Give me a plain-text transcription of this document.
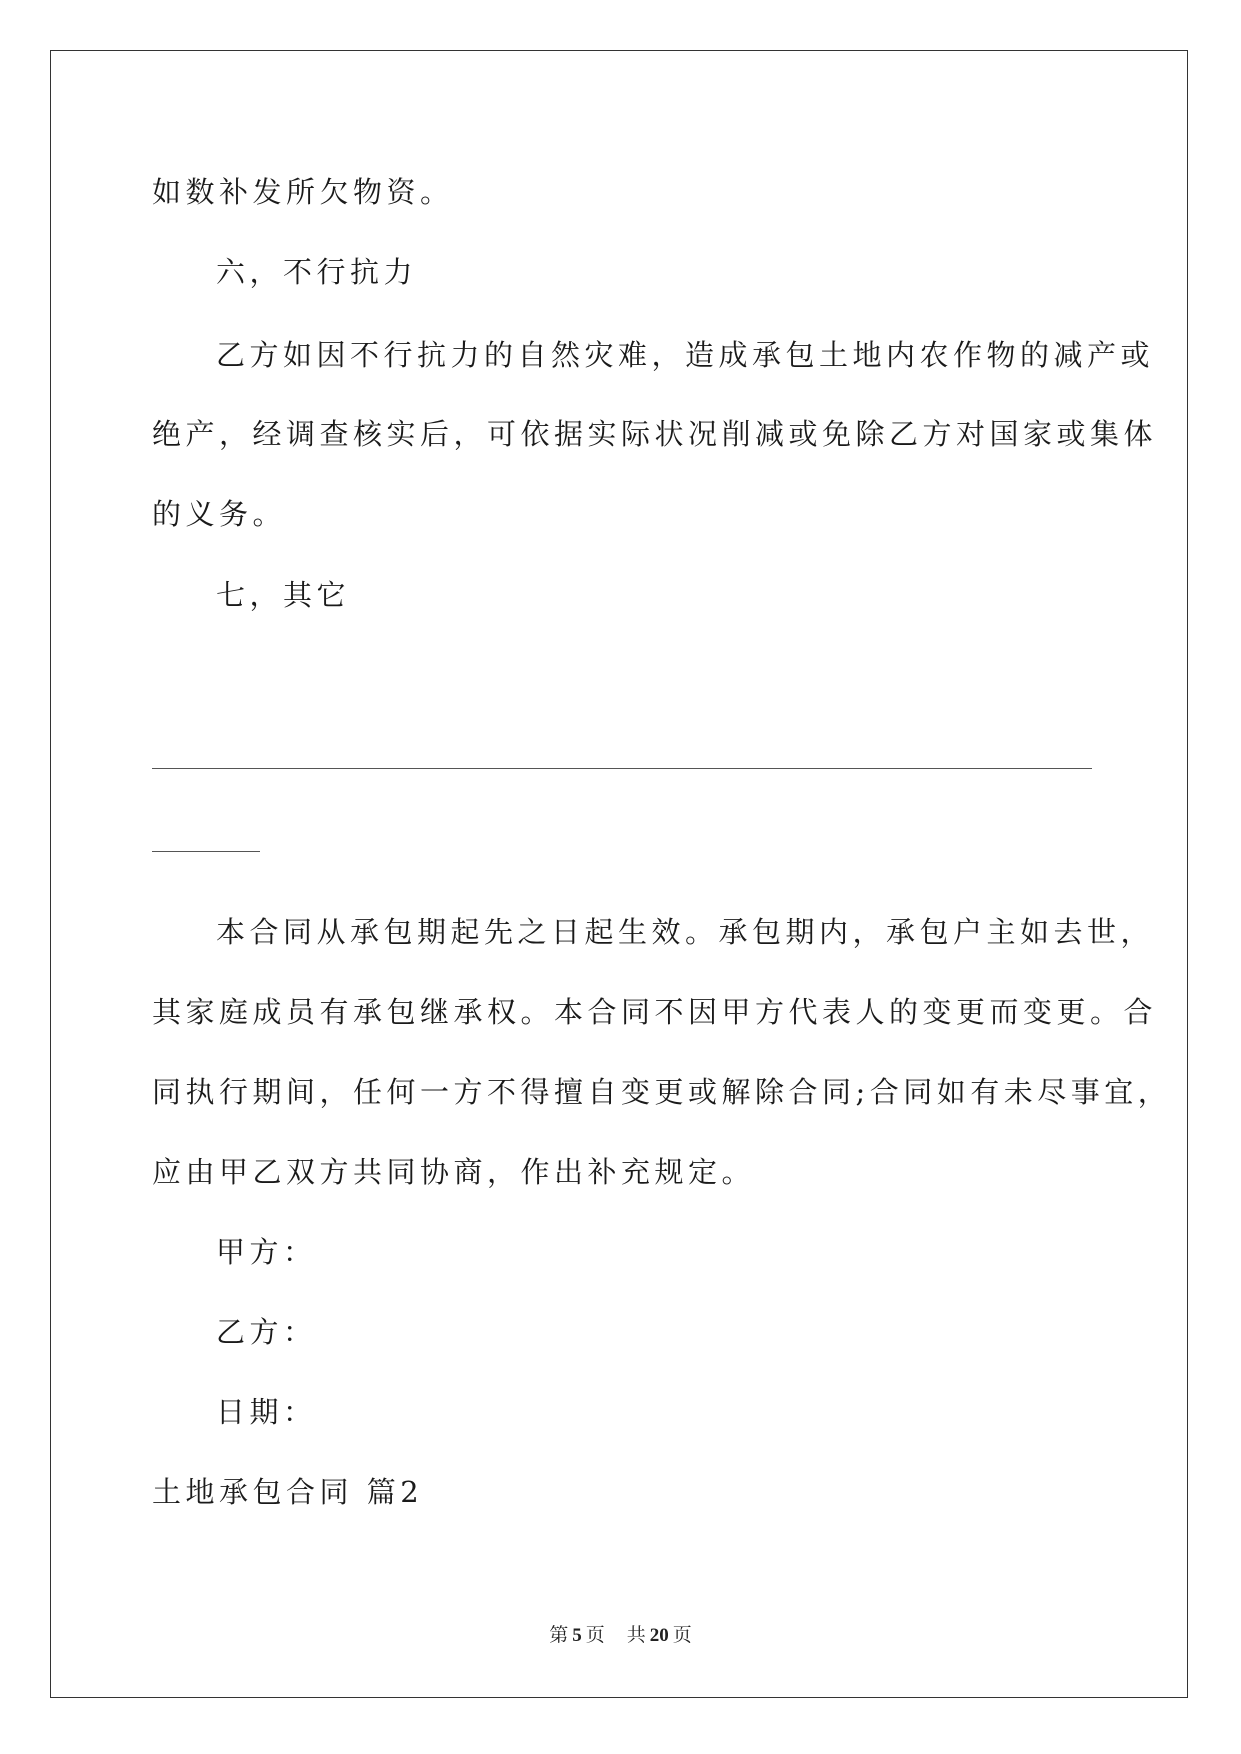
如数补发所欠物资。
六，不行抗力
乙方如因不行抗力的自然灾难，造成承包土地内农作物的减产或
绝产，经调查核实后，可依据实际状况削减或免除乙方对国家或集体
的义务。
七，其它
本合同从承包期起先之日起生效。承包期内，承包户主如去世，
其家庭成员有承包继承权。本合同不因甲方代表人的变更而变更。合
同执行期间，任何一方不得擅自变更或解除合同;合同如有未尽事宜，
应由甲乙双方共同协商，作出补充规定。
甲方：
乙方：
日期：
土地承包合同 篇2
第 5 页 共 20 页
